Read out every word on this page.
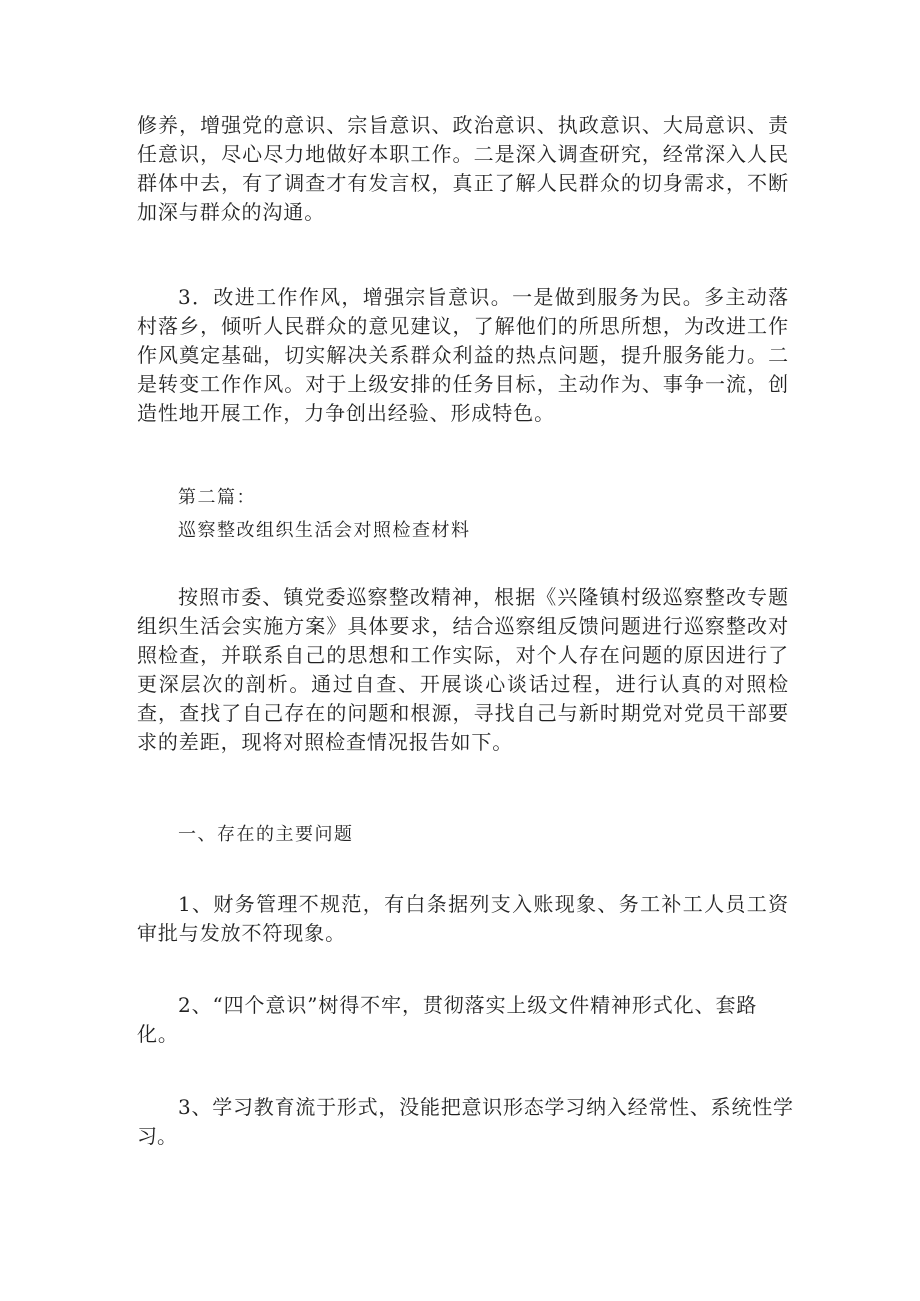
修养，增强党的意识、宗旨意识、政治意识、执政意识、大局意识、责任意识，尽心尽力地做好本职工作。二是深入调查研究，经常深入人民群体中去，有了调查才有发言权，真正了解人民群众的切身需求，不断加深与群众的沟通。

3．改进工作作风，增强宗旨意识。一是做到服务为民。多主动落村落乡，倾听人民群众的意见建议，了解他们的所思所想，为改进工作作风奠定基础，切实解决关系群众利益的热点问题，提升服务能力。二是转变工作作风。对于上级安排的任务目标，主动作为、事争一流，创造性地开展工作，力争创出经验、形成特色。

第二篇：

巡察整改组织生活会对照检查材料

按照市委、镇党委巡察整改精神，根据《兴隆镇村级巡察整改专题组织生活会实施方案》具体要求，结合巡察组反馈问题进行巡察整改对照检查，并联系自己的思想和工作实际，对个人存在问题的原因进行了更深层次的剖析。通过自查、开展谈心谈话过程，进行认真的对照检查，查找了自己存在的问题和根源，寻找自己与新时期党对党员干部要求的差距，现将对照检查情况报告如下。

一、存在的主要问题

1、财务管理不规范，有白条据列支入账现象、务工补工人员工资审批与发放不符现象。

2、“四个意识”树得不牢，贯彻落实上级文件精神形式化、套路
化。

3、学习教育流于形式，没能把意识形态学习纳入经常性、系统性学习。
